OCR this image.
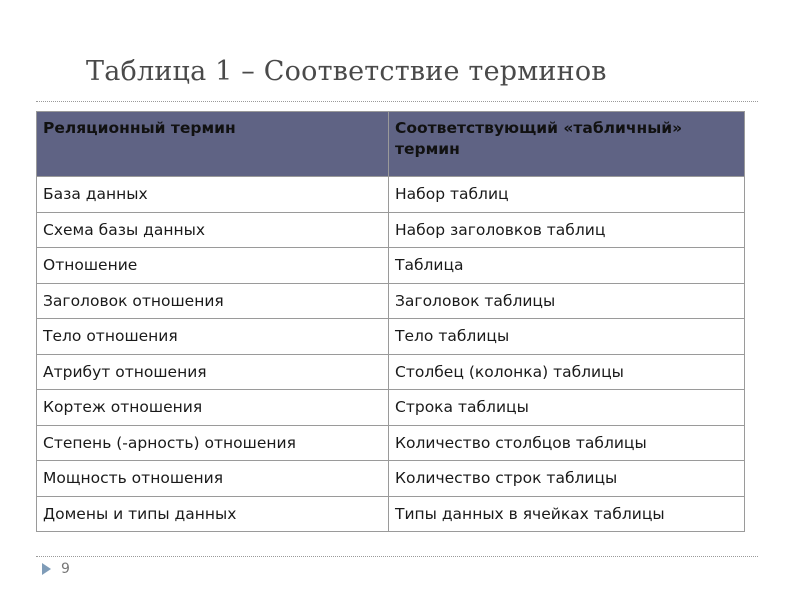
Таблица 1 – Соответствие терминов
Реляционный термин	Соответствующий «табличный» термин
База данных	Набор таблиц
Схема базы данных	Набор заголовков таблиц
Отношение	Таблица
Заголовок отношения	Заголовок таблицы
Тело отношения	Тело таблицы
Атрибут отношения	Столбец (колонка) таблицы
Кортеж отношения	Строка таблицы
Степень (-арность) отношения	Количество столбцов таблицы
Мощность отношения	Количество строк таблицы
Домены и типы данных	Типы данных в ячейках таблицы
9
